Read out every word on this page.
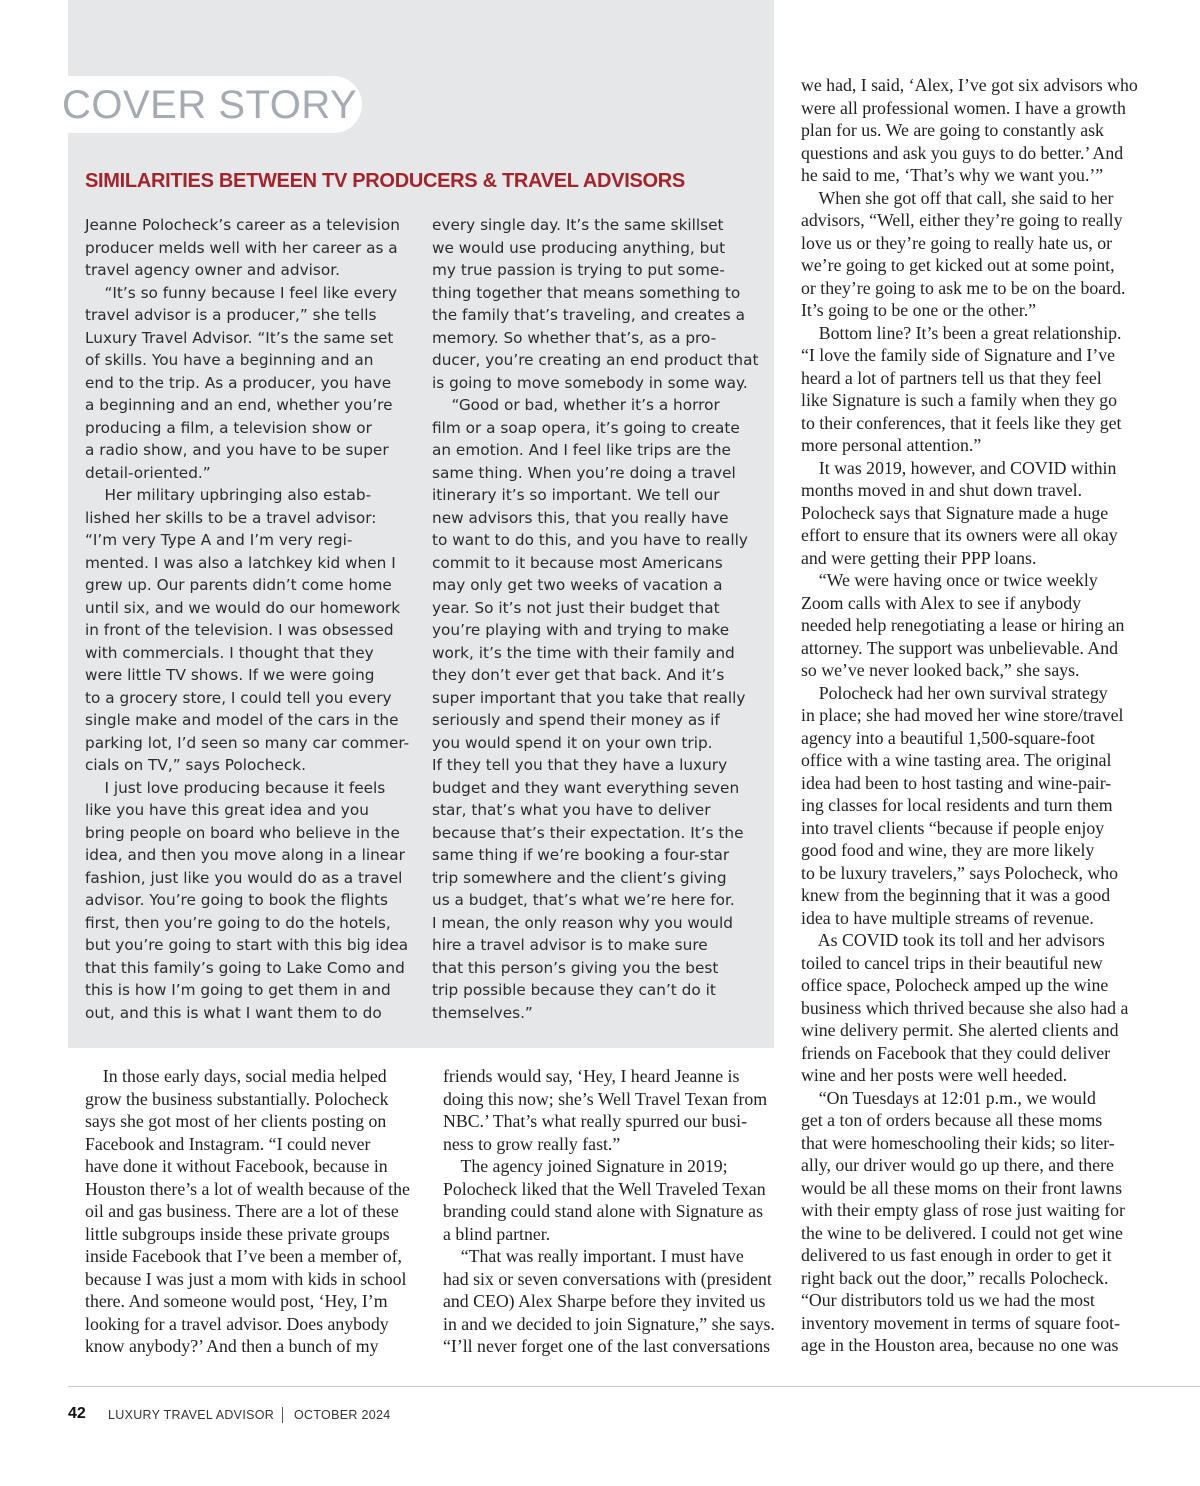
COVER STORY
SIMILARITIES BETWEEN TV PRODUCERS & TRAVEL ADVISORS
Jeanne Polocheck’s career as a television
producer melds well with her career as a
travel agency owner and advisor.
“It’s so funny because I feel like every
travel advisor is a producer,” she tells
Luxury Travel Advisor. “It’s the same set
of skills. You have a beginning and an
end to the trip. As a producer, you have
a beginning and an end, whether you’re
producing a film, a television show or
a radio show, and you have to be super
detail-oriented.”
Her military upbringing also estab-
lished her skills to be a travel advisor:
“I’m very Type A and I’m very regi-
mented. I was also a latchkey kid when I
grew up. Our parents didn’t come home
until six, and we would do our homework
in front of the television. I was obsessed
with commercials. I thought that they
were little TV shows. If we were going
to a grocery store, I could tell you every
single make and model of the cars in the
parking lot, I’d seen so many car commer-
cials on TV,” says Polocheck.
I just love producing because it feels
like you have this great idea and you
bring people on board who believe in the
idea, and then you move along in a linear
fashion, just like you would do as a travel
advisor. You’re going to book the flights
first, then you’re going to do the hotels,
but you’re going to start with this big idea
that this family’s going to Lake Como and
this is how I’m going to get them in and
out, and this is what I want them to do
every single day. It’s the same skillset
we would use producing anything, but
my true passion is trying to put some-
thing together that means something to
the family that’s traveling, and creates a
memory. So whether that’s, as a pro-
ducer, you’re creating an end product that
is going to move somebody in some way.
“Good or bad, whether it’s a horror
film or a soap opera, it’s going to create
an emotion. And I feel like trips are the
same thing. When you’re doing a travel
itinerary it’s so important. We tell our
new advisors this, that you really have
to want to do this, and you have to really
commit to it because most Americans
may only get two weeks of vacation a
year. So it’s not just their budget that
you’re playing with and trying to make
work, it’s the time with their family and
they don’t ever get that back. And it’s
super important that you take that really
seriously and spend their money as if
you would spend it on your own trip.
If they tell you that they have a luxury
budget and they want everything seven
star, that’s what you have to deliver
because that’s their expectation. It’s the
same thing if we’re booking a four-star
trip somewhere and the client’s giving
us a budget, that’s what we’re here for.
I mean, the only reason why you would
hire a travel advisor is to make sure
that this person’s giving you the best
trip possible because they can’t do it
themselves.”
In those early days, social media helped
grow the business substantially. Polocheck
says she got most of her clients posting on
Facebook and Instagram. “I could never
have done it without Facebook, because in
Houston there’s a lot of wealth because of the
oil and gas business. There are a lot of these
little subgroups inside these private groups
inside Facebook that I’ve been a member of,
because I was just a mom with kids in school
there. And someone would post, ‘Hey, I’m
looking for a travel advisor. Does anybody
know anybody?’ And then a bunch of my
friends would say, ‘Hey, I heard Jeanne is
doing this now; she’s Well Travel Texan from
NBC.’ That’s what really spurred our busi-
ness to grow really fast.”
The agency joined Signature in 2019;
Polocheck liked that the Well Traveled Texan
branding could stand alone with Signature as
a blind partner.
“That was really important. I must have
had six or seven conversations with (president
and CEO) Alex Sharpe before they invited us
in and we decided to join Signature,” she says.
“I’ll never forget one of the last conversations
we had, I said, ‘Alex, I’ve got six advisors who
were all professional women. I have a growth
plan for us. We are going to constantly ask
questions and ask you guys to do better.’ And
he said to me, ‘That’s why we want you.’”
When she got off that call, she said to her
advisors, “Well, either they’re going to really
love us or they’re going to really hate us, or
we’re going to get kicked out at some point,
or they’re going to ask me to be on the board.
It’s going to be one or the other.”
Bottom line? It’s been a great relationship.
“I love the family side of Signature and I’ve
heard a lot of partners tell us that they feel
like Signature is such a family when they go
to their conferences, that it feels like they get
more personal attention.”
It was 2019, however, and COVID within
months moved in and shut down travel.
Polocheck says that Signature made a huge
effort to ensure that its owners were all okay
and were getting their PPP loans.
“We were having once or twice weekly
Zoom calls with Alex to see if anybody
needed help renegotiating a lease or hiring an
attorney. The support was unbelievable. And
so we’ve never looked back,” she says.
Polocheck had her own survival strategy
in place; she had moved her wine store/travel
agency into a beautiful 1,500-square-foot
office with a wine tasting area. The original
idea had been to host tasting and wine-pair-
ing classes for local residents and turn them
into travel clients “because if people enjoy
good food and wine, they are more likely
to be luxury travelers,” says Polocheck, who
knew from the beginning that it was a good
idea to have multiple streams of revenue.
As COVID took its toll and her advisors
toiled to cancel trips in their beautiful new
office space, Polocheck amped up the wine
business which thrived because she also had a
wine delivery permit. She alerted clients and
friends on Facebook that they could deliver
wine and her posts were well heeded.
“On Tuesdays at 12:01 p.m., we would
get a ton of orders because all these moms
that were homeschooling their kids; so liter-
ally, our driver would go up there, and there
would be all these moms on their front lawns
with their empty glass of rose just waiting for
the wine to be delivered. I could not get wine
delivered to us fast enough in order to get it
right back out the door,” recalls Polocheck.
“Our distributors told us we had the most
inventory movement in terms of square foot-
age in the Houston area, because no one was
42 LUXURY TRAVEL ADVISOR OCTOBER 2024
